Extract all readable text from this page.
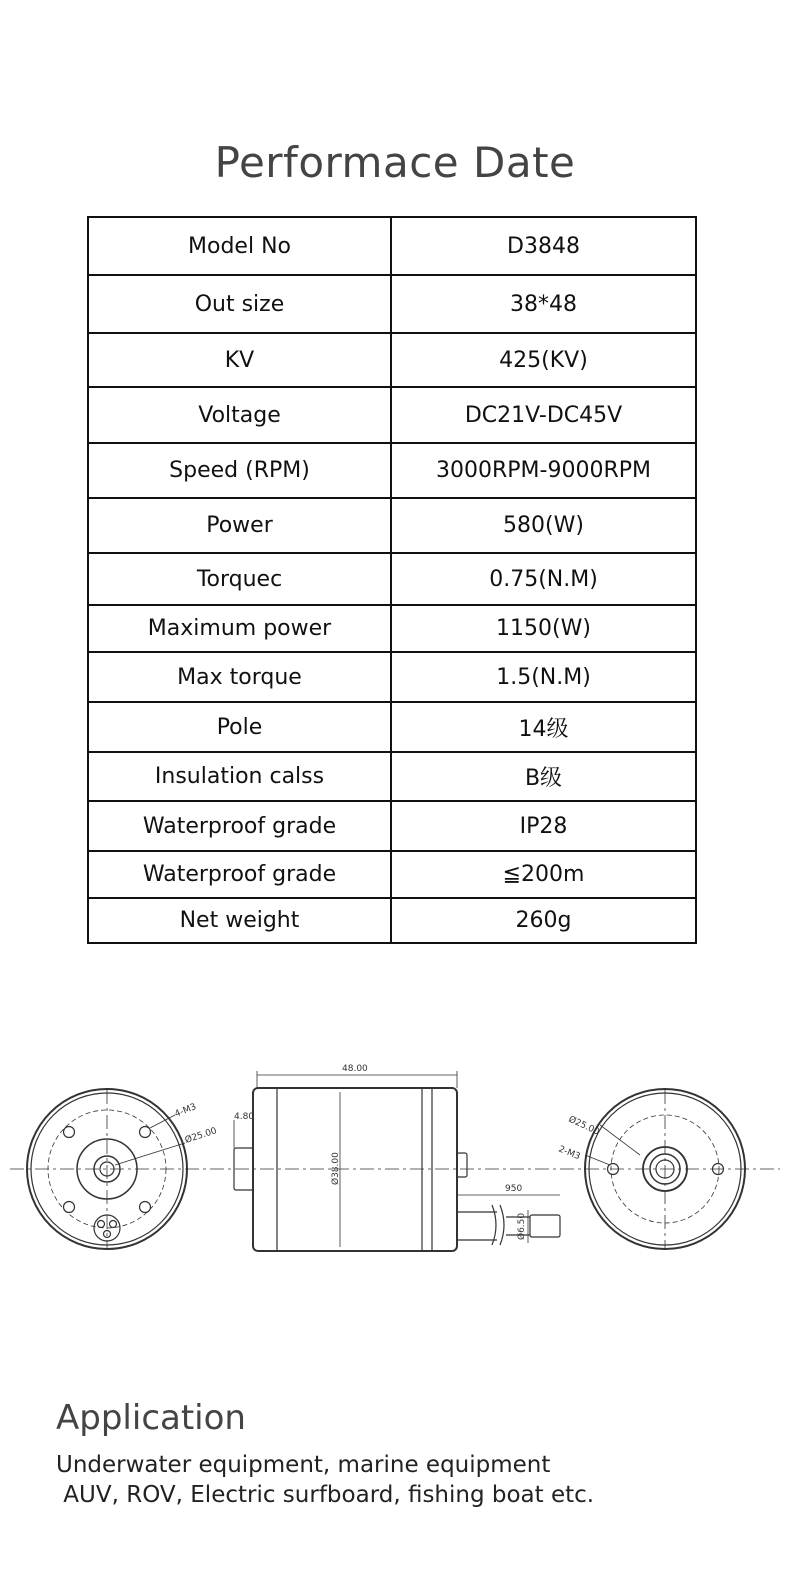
Performace Date
Model No	D3848
Out size	38*48
KV	425(KV)
Voltage	DC21V-DC45V
Speed (RPM)	3000RPM-9000RPM
Power	580(W)
Torquec	0.75(N.M)
Maximum power	1150(W)
Max torque	1.5(N.M)
Pole	14级
Insulation calss	B级
Waterproof grade	IP28
Waterproof grade	≦200m
Net weight	260g
48.00
Ø38.00
4.80
4-M3
Ø25.00	Ø25.00
2-M3
950
Ø6.50
Application
Underwater equipment, marine equipment
AUV, ROV, Electric surfboard, fishing boat etc.
